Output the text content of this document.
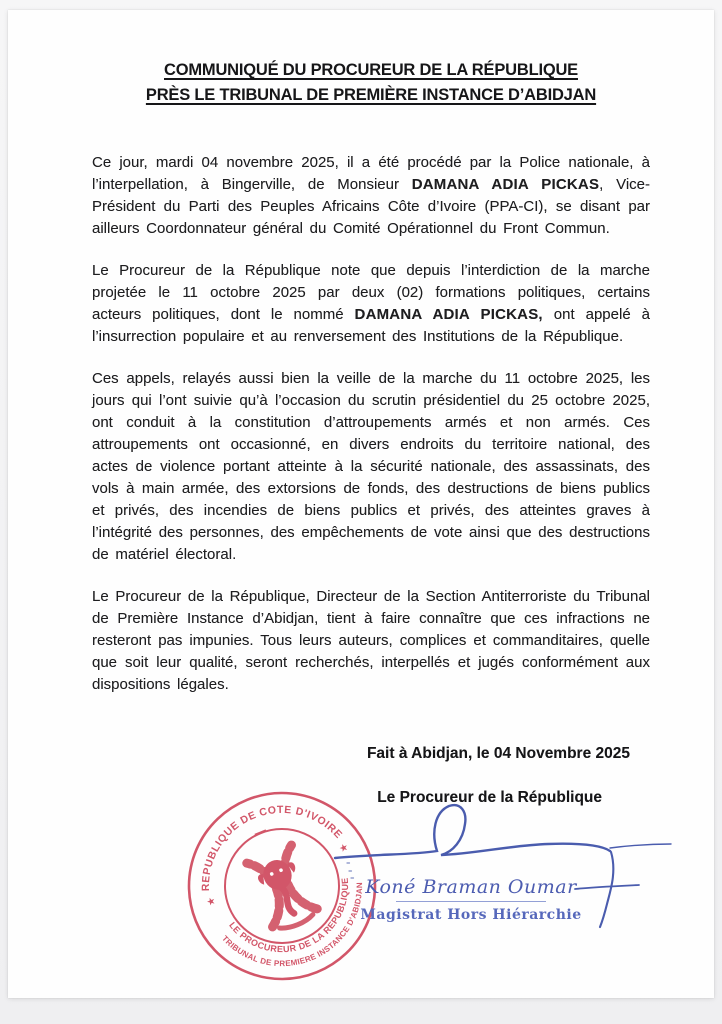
COMMUNIQUÉ DU PROCUREUR DE LA RÉPUBLIQUE
PRÈS LE TRIBUNAL DE PREMIÈRE INSTANCE D’ABIDJAN

Ce jour, mardi 04 novembre 2025, il a été procédé par la Police nationale, à l’interpellation, à Bingerville, de Monsieur DAMANA ADIA PICKAS, Vice-Président du Parti des Peuples Africains Côte d’Ivoire (PPA-CI), se disant par ailleurs Coordonnateur général du Comité Opérationnel du Front Commun.

Le Procureur de la République note que depuis l’interdiction de la marche projetée le 11 octobre 2025 par deux (02) formations politiques, certains acteurs politiques, dont le nommé DAMANA ADIA PICKAS, ont appelé à l’insurrection populaire et au renversement des Institutions de la République.

Ces appels, relayés aussi bien la veille de la marche du 11 octobre 2025, les jours qui l’ont suivie qu’à l’occasion du scrutin présidentiel du 25 octobre 2025, ont conduit à la constitution d’attroupements armés et non armés. Ces attroupements ont occasionné, en divers endroits du territoire national, des actes de violence portant atteinte à la sécurité nationale, des assassinats, des vols à main armée, des extorsions de fonds, des destructions de biens publics et privés, des incendies de biens publics et privés, des atteintes graves à l’intégrité des personnes, des empêchements de vote ainsi que des destructions de matériel électoral.

Le Procureur de la République, Directeur de la Section Antiterroriste du Tribunal de Première Instance d’Abidjan, tient à faire connaître que ces infractions ne resteront pas impunies. Tous leurs auteurs, complices et commanditaires, quelle que soit leur qualité, seront recherchés, interpellés et jugés conformément aux dispositions légales.

Fait à Abidjan, le 04 Novembre 2025
Le Procureur de la République
REPUBLIQUE DE COTE D'IVOIRE
TRIBUNAL DE PREMIERE INSTANCE D'ABIDJAN
LE PROCUREUR DE LA REPUBLIQUE
★
★
Koné Braman Oumar
Magistrat Hors Hiérarchie
